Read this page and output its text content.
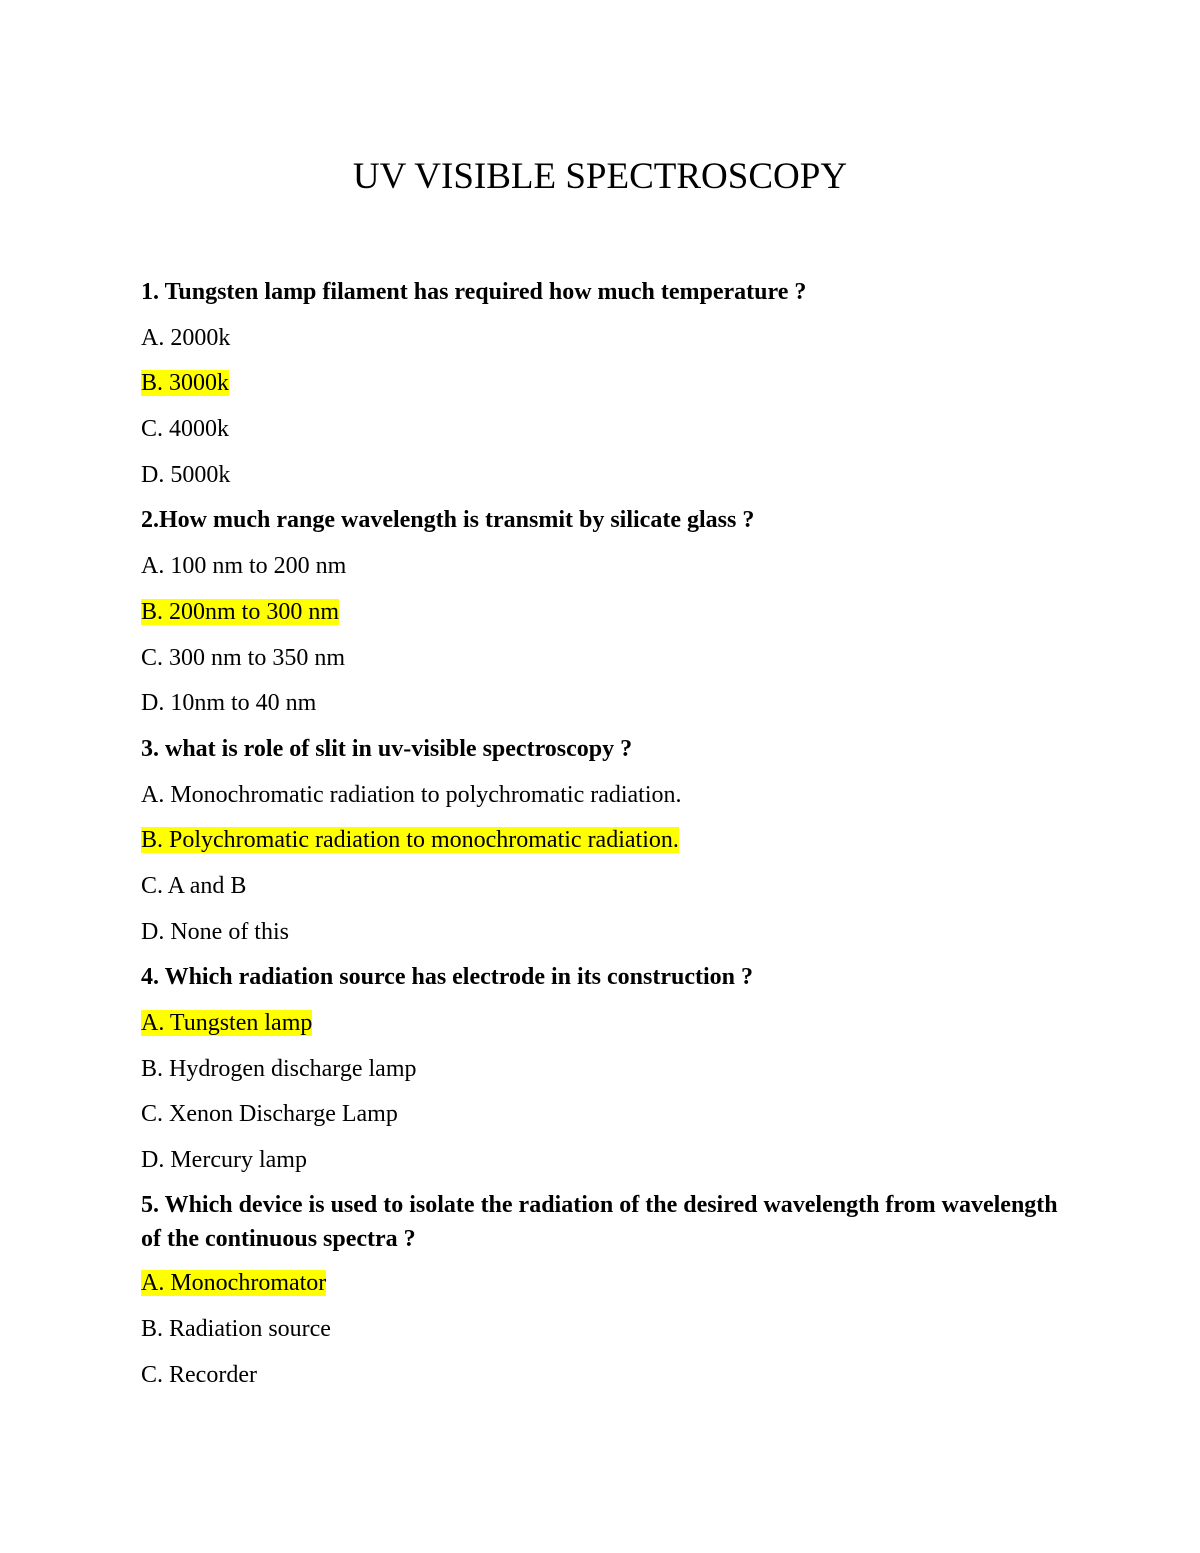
UV VISIBLE SPECTROSCOPY
1. Tungsten lamp filament has required how much temperature ?
A. 2000k
B. 3000k
C. 4000k
D. 5000k
2.How much range wavelength is transmit by silicate glass ?
A. 100 nm to 200 nm
B. 200nm to 300 nm
C. 300 nm to 350 nm
D. 10nm to 40 nm
3. what is role of slit in uv-visible spectroscopy ?
A. Monochromatic radiation to polychromatic radiation.
B. Polychromatic radiation to monochromatic radiation.
C. A and B
D. None of this
4. Which radiation source has electrode in its construction ?
A. Tungsten lamp
B. Hydrogen discharge lamp
C. Xenon Discharge Lamp
D. Mercury lamp
5. Which device is used to isolate the radiation of the desired wavelength from wavelength of the continuous spectra ?
A. Monochromator
B. Radiation source
C. Recorder
